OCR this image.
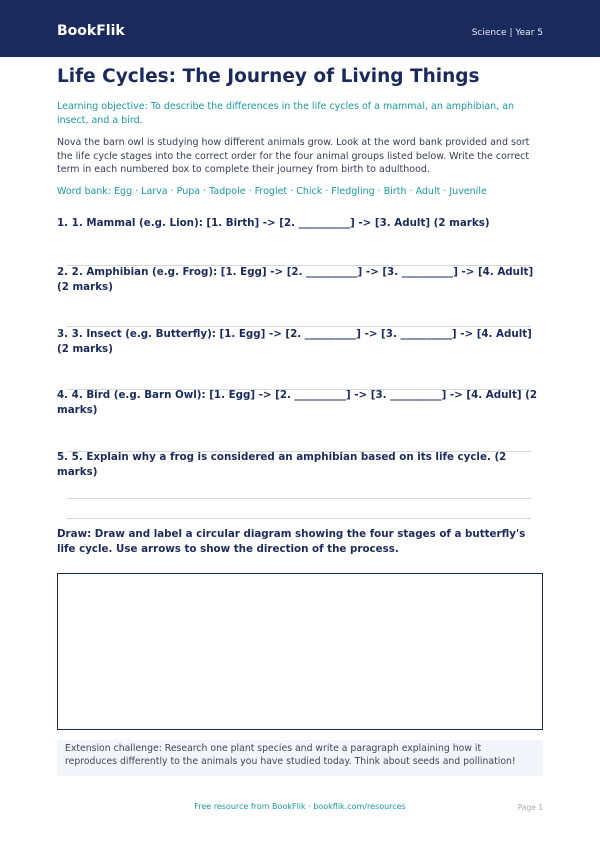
BookFlik	Science | Year 5
Life Cycles: The Journey of Living Things
Learning objective: To describe the differences in the life cycles of a mammal, an amphibian, an insect, and a bird.
Nova the barn owl is studying how different animals grow. Look at the word bank provided and sort the life cycle stages into the correct order for the four animal groups listed below. Write the correct term in each numbered box to complete their journey from birth to adulthood.
Word bank: Egg · Larva · Pupa · Tadpole · Froglet · Chick · Fledgling · Birth · Adult · Juvenile
1. 1. Mammal (e.g. Lion): [1. Birth] -> [2. __________] -> [3. Adult] (2 marks)
2. 2. Amphibian (e.g. Frog): [1. Egg] -> [2. __________] -> [3. __________] -> [4. Adult] (2 marks)
3. 3. Insect (e.g. Butterfly): [1. Egg] -> [2. __________] -> [3. __________] -> [4. Adult] (2 marks)
4. 4. Bird (e.g. Barn Owl): [1. Egg] -> [2. __________] -> [3. __________] -> [4. Adult] (2 marks)
5. 5. Explain why a frog is considered an amphibian based on its life cycle. (2 marks)
Draw: Draw and label a circular diagram showing the four stages of a butterfly's life cycle. Use arrows to show the direction of the process.
Extension challenge: Research one plant species and write a paragraph explaining how it reproduces differently to the animals you have studied today. Think about seeds and pollination!
Free resource from BookFlik · bookflik.com/resources	Page 1
